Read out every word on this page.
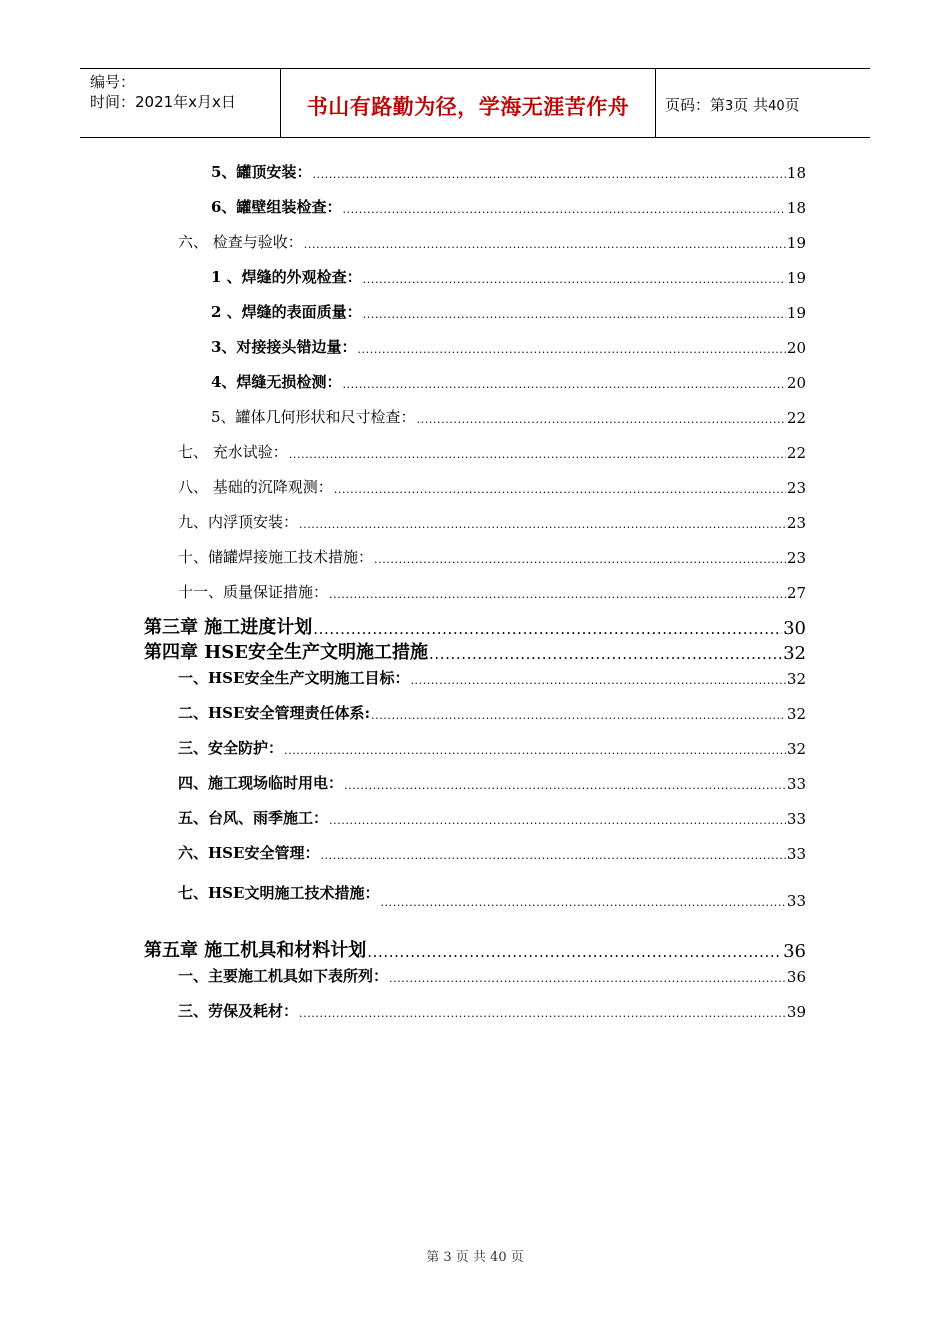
编号：
时间：2021年x月x日	书山有路勤为径，学海无涯苦作舟	页码：第3页 共40页
5、罐顶安装： .....	18
6、罐壁组装检查： .....	18
六、 检查与验收： .....	19
1 、焊缝的外观检查： .....	19
2 、焊缝的表面质量： .....	19
3、对接接头错边量： .....	20
4、焊缝无损检测： .....	20
5、罐体几何形状和尺寸检查： .....	22
七、 充水试验： .....	22
八、 基础的沉降观测： .....	23
九、内浮顶安装： .....	23
十、储罐焊接施工技术措施： .....	23
十一、质量保证措施： .....	27
第三章 施工进度计划 .....	30
第四章 HSE安全生产文明施工措施 .....	32
一、HSE安全生产文明施工目标： .....	32
二、HSE安全管理责任体系: .....	32
三、安全防护： .....	32
四、施工现场临时用电： .....	33
五、台风、雨季施工： .....	33
六、HSE安全管理： .....	33
七、HSE文明施工技术措施： .....	33
第五章 施工机具和材料计划 .....	36
一、主要施工机具如下表所列： .....	36
三、劳保及耗材： .....	39
第 3 页 共 40 页
